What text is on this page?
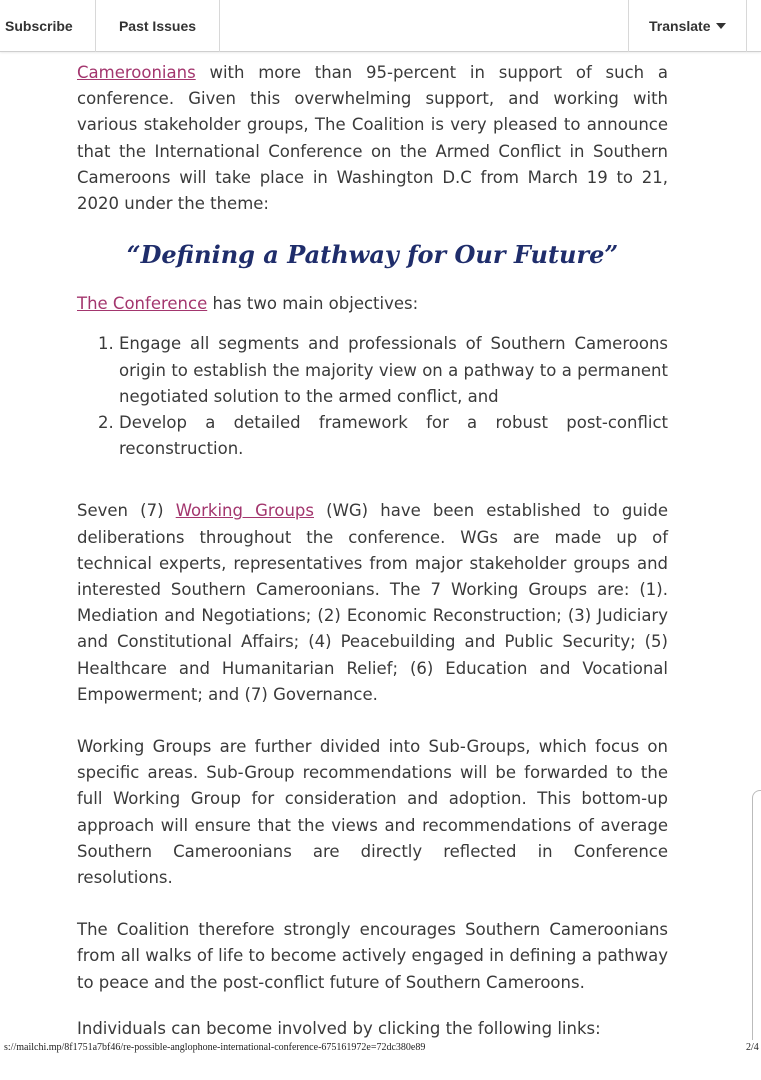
Subscribe	Past Issues	Translate

Cameroonians with more than 95-percent in support of such a conference. Given this overwhelming support, and working with various stakeholder groups, The Coalition is very pleased to announce that the International Conference on the Armed Conflict in Southern Cameroons will take place in Washington D.C from March 19 to 21, 2020 under the theme:

“Defining a Pathway for Our Future”

The Conference has two main objectives:

1. Engage all segments and professionals of Southern Cameroons origin to establish the majority view on a pathway to a permanent negotiated solution to the armed conflict, and
2. Develop a detailed framework for a robust post-conflict reconstruction.

Seven (7) Working Groups (WG) have been established to guide deliberations throughout the conference. WGs are made up of technical experts, representatives from major stakeholder groups and interested Southern Cameroonians. The 7 Working Groups are: (1). Mediation and Negotiations; (2) Economic Reconstruction; (3) Judiciary and Constitutional Affairs; (4) Peacebuilding and Public Security; (5) Healthcare and Humanitarian Relief; (6) Education and Vocational Empowerment; and (7) Governance.

Working Groups are further divided into Sub-Groups, which focus on specific areas. Sub-Group recommendations will be forwarded to the full Working Group for consideration and adoption. This bottom-up approach will ensure that the views and recommendations of average Southern Cameroonians are directly reflected in Conference resolutions.

The Coalition therefore strongly encourages Southern Cameroonians from all walks of life to become actively engaged in defining a pathway to peace and the post-conflict future of Southern Cameroons.

Individuals can become involved by clicking the following links:

s://mailchi.mp/8f1751a7bf46/re-possible-anglophone-international-conference-675161972e=72dc380e89	2/4
